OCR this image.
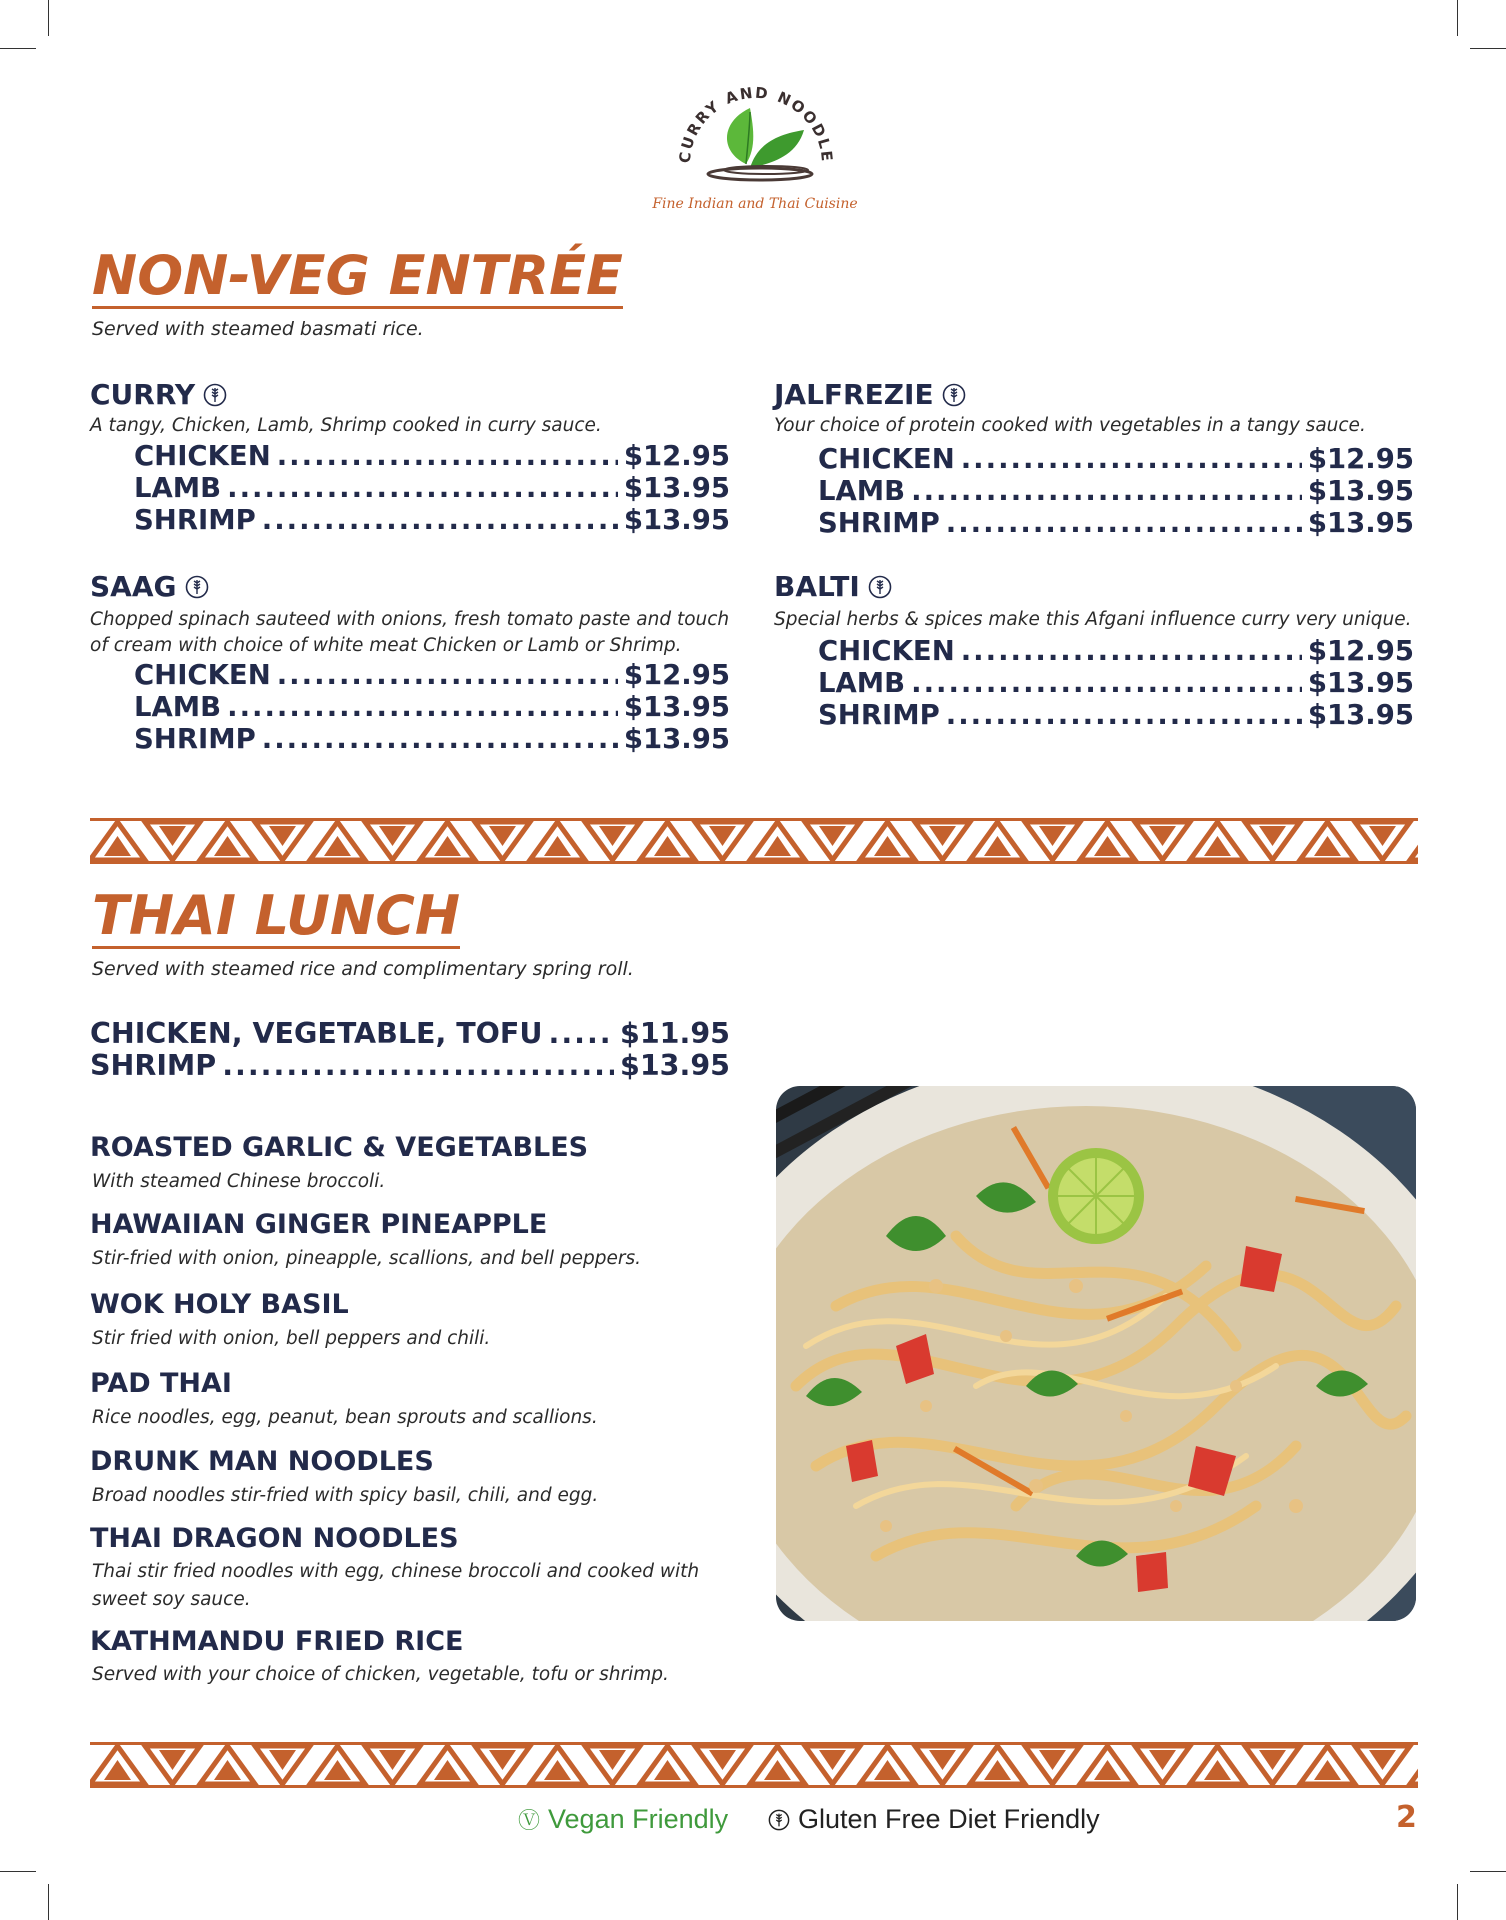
CURRY AND NOODLE
Fine Indian and Thai Cuisine
NON-VEG ENTRÉE
Served with steamed basmati rice.
CURRY
A tangy, Chicken, Lamb, Shrimp cooked in curry sauce.
CHICKEN .....	$12.95
LAMB .....	$13.95
SHRIMP .....	$13.95
JALFREZIE
Your choice of protein cooked with vegetables in a tangy sauce.
CHICKEN .....	$12.95
LAMB .....	$13.95
SHRIMP .....	$13.95
SAAG
Chopped spinach sauteed with onions, fresh tomato paste and touch
of cream with choice of white meat Chicken or Lamb or Shrimp.
CHICKEN .....	$12.95
LAMB .....	$13.95
SHRIMP .....	$13.95
BALTI
Special herbs & spices make this Afgani influence curry very unique.
CHICKEN .....	$12.95
LAMB .....	$13.95
SHRIMP .....	$13.95
THAI LUNCH
Served with steamed rice and complimentary spring roll.
CHICKEN, VEGETABLE, TOFU .....	$11.95
SHRIMP .....	$13.95
ROASTED GARLIC & VEGETABLES
With steamed Chinese broccoli.
HAWAIIAN GINGER PINEAPPLE
Stir-fried with onion, pineapple, scallions, and bell peppers.
WOK HOLY BASIL
Stir fried with onion, bell peppers and chili.
PAD THAI
Rice noodles, egg, peanut, bean sprouts and scallions.
DRUNK MAN NOODLES
Broad noodles stir-fried with spicy basil, chili, and egg.
THAI DRAGON NOODLES
Thai stir fried noodles with egg, chinese broccoli and cooked with
sweet soy sauce.
KATHMANDU FRIED RICE
Served with your choice of chicken, vegetable, tofu or shrimp.
Ⓥ Vegan Friendly	Gluten Free Diet Friendly	2
